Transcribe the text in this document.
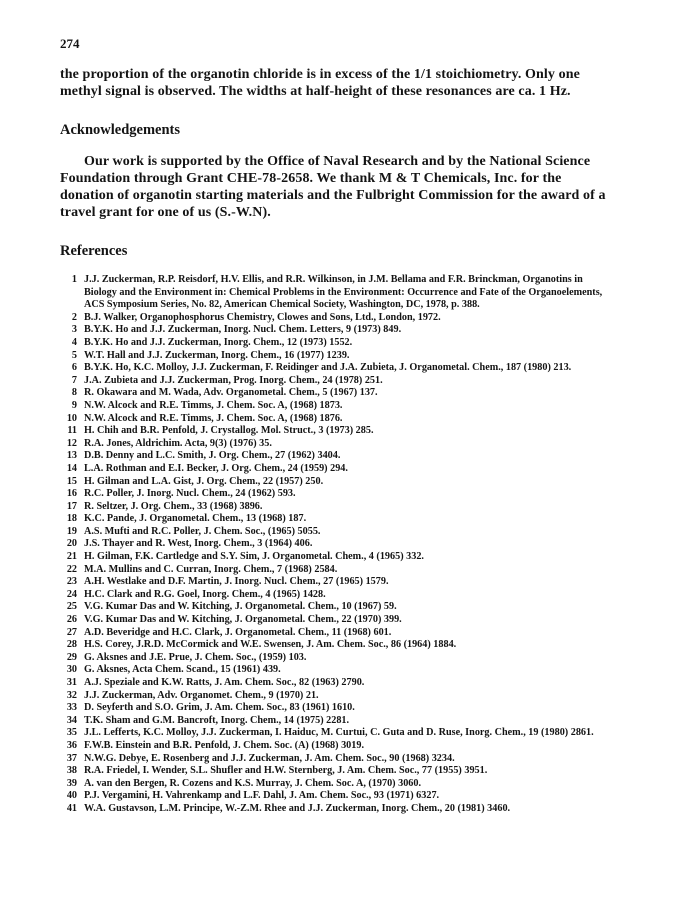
274

the proportion of the organotin chloride is in excess of the 1/1 stoichiometry. Only one methyl signal is observed. The widths at half-height of these resonances are ca. 1 Hz.

Acknowledgements

Our work is supported by the Office of Naval Research and by the National Science Foundation through Grant CHE-78-2658. We thank M & T Chemicals, Inc. for the donation of organotin starting materials and the Fulbright Commission for the award of a travel grant for one of us (S.-W.N).

References
1 J.J. Zuckerman, R.P. Reisdorf, H.V. Ellis, and R.R. Wilkinson, in J.M. Bellama and F.R. Brinckman, Organotins in Biology and the Environment in: Chemical Problems in the Environment: Occurrence and Fate of the Organoelements, ACS Symposium Series, No. 82, American Chemical Society, Washington, DC, 1978, p. 388.
2 B.J. Walker, Organophosphorus Chemistry, Clowes and Sons, Ltd., London, 1972.
3 B.Y.K. Ho and J.J. Zuckerman, Inorg. Nucl. Chem. Letters, 9 (1973) 849.
4 B.Y.K. Ho and J.J. Zuckerman, Inorg. Chem., 12 (1973) 1552.
5 W.T. Hall and J.J. Zuckerman, Inorg. Chem., 16 (1977) 1239.
6 B.Y.K. Ho, K.C. Molloy, J.J. Zuckerman, F. Reidinger and J.A. Zubieta, J. Organometal. Chem., 187 (1980) 213.
7 J.A. Zubieta and J.J. Zuckerman, Prog. Inorg. Chem., 24 (1978) 251.
8 R. Okawara and M. Wada, Adv. Organometal. Chem., 5 (1967) 137.
9 N.W. Alcock and R.E. Timms, J. Chem. Soc. A, (1968) 1873.
10 N.W. Alcock and R.E. Timms, J. Chem. Soc. A, (1968) 1876.
11 H. Chih and B.R. Penfold, J. Crystallog. Mol. Struct., 3 (1973) 285.
12 R.A. Jones, Aldrichim. Acta, 9(3) (1976) 35.
13 D.B. Denny and L.C. Smith, J. Org. Chem., 27 (1962) 3404.
14 L.A. Rothman and E.I. Becker, J. Org. Chem., 24 (1959) 294.
15 H. Gilman and L.A. Gist, J. Org. Chem., 22 (1957) 250.
16 R.C. Poller, J. Inorg. Nucl. Chem., 24 (1962) 593.
17 R. Seltzer, J. Org. Chem., 33 (1968) 3896.
18 K.C. Pande, J. Organometal. Chem., 13 (1968) 187.
19 A.S. Mufti and R.C. Poller, J. Chem. Soc., (1965) 5055.
20 J.S. Thayer and R. West, Inorg. Chem., 3 (1964) 406.
21 H. Gilman, F.K. Cartledge and S.Y. Sim, J. Organometal. Chem., 4 (1965) 332.
22 M.A. Mullins and C. Curran, Inorg. Chem., 7 (1968) 2584.
23 A.H. Westlake and D.F. Martin, J. Inorg. Nucl. Chem., 27 (1965) 1579.
24 H.C. Clark and R.G. Goel, Inorg. Chem., 4 (1965) 1428.
25 V.G. Kumar Das and W. Kitching, J. Organometal. Chem., 10 (1967) 59.
26 V.G. Kumar Das and W. Kitching, J. Organometal. Chem., 22 (1970) 399.
27 A.D. Beveridge and H.C. Clark, J. Organometal. Chem., 11 (1968) 601.
28 H.S. Corey, J.R.D. McCormick and W.E. Swensen, J. Am. Chem. Soc., 86 (1964) 1884.
29 G. Aksnes and J.E. Prue, J. Chem. Soc., (1959) 103.
30 G. Aksnes, Acta Chem. Scand., 15 (1961) 439.
31 A.J. Speziale and K.W. Ratts, J. Am. Chem. Soc., 82 (1963) 2790.
32 J.J. Zuckerman, Adv. Organomet. Chem., 9 (1970) 21.
33 D. Seyferth and S.O. Grim, J. Am. Chem. Soc., 83 (1961) 1610.
34 T.K. Sham and G.M. Bancroft, Inorg. Chem., 14 (1975) 2281.
35 J.L. Lefferts, K.C. Molloy, J.J. Zuckerman, I. Haiduc, M. Curtui, C. Guta and D. Ruse, Inorg. Chem., 19 (1980) 2861.
36 F.W.B. Einstein and B.R. Penfold, J. Chem. Soc. (A) (1968) 3019.
37 N.W.G. Debye, E. Rosenberg and J.J. Zuckerman, J. Am. Chem. Soc., 90 (1968) 3234.
38 R.A. Friedel, I. Wender, S.L. Shufler and H.W. Sternberg, J. Am. Chem. Soc., 77 (1955) 3951.
39 A. van den Bergen, R. Cozens and K.S. Murray, J. Chem. Soc. A, (1970) 3060.
40 P.J. Vergamini, H. Vahrenkamp and L.F. Dahl, J. Am. Chem. Soc., 93 (1971) 6327.
41 W.A. Gustavson, L.M. Principe, W.-Z.M. Rhee and J.J. Zuckerman, Inorg. Chem., 20 (1981) 3460.
